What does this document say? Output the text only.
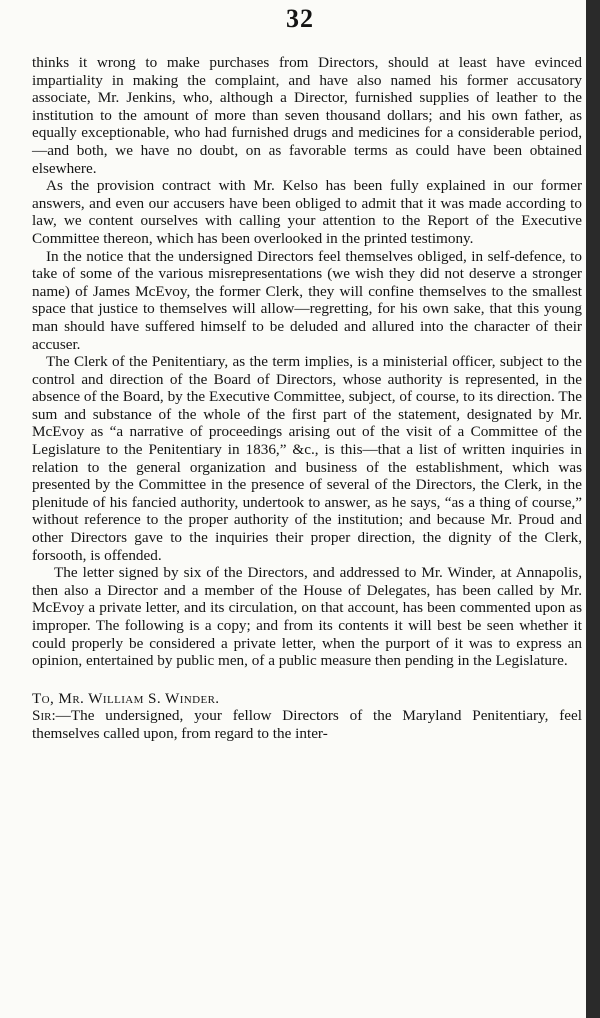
32

thinks it wrong to make purchases from Directors, should at least have evinced impartiality in making the complaint, and have also named his former accusatory associate, Mr. Jenkins, who, although a Director, furnished supplies of leather to the institution to the amount of more than seven thousand dollars; and his own father, as equally exceptionable, who had furnished drugs and medicines for a considerable period,—and both, we have no doubt, on as favorable terms as could have been obtained elsewhere.

As the provision contract with Mr. Kelso has been fully explained in our former answers, and even our accusers have been obliged to admit that it was made according to law, we content ourselves with calling your attention to the Report of the Executive Committee thereon, which has been overlooked in the printed testimony.

In the notice that the undersigned Directors feel themselves obliged, in self-defence, to take of some of the various misrepresentations (we wish they did not deserve a stronger name) of James McEvoy, the former Clerk, they will confine themselves to the smallest space that justice to themselves will allow—regretting, for his own sake, that this young man should have suffered himself to be deluded and allured into the character of their accuser.

The Clerk of the Penitentiary, as the term implies, is a ministerial officer, subject to the control and direction of the Board of Directors, whose authority is represented, in the absence of the Board, by the Executive Committee, subject, of course, to its direction. The sum and substance of the whole of the first part of the statement, designated by Mr. McEvoy as “a narrative of proceedings arising out of the visit of a Committee of the Legislature to the Penitentiary in 1836,” &c., is this—that a list of written inquiries in relation to the general organization and business of the establishment, which was presented by the Committee in the presence of several of the Directors, the Clerk, in the plenitude of his fancied authority, undertook to answer, as he says, “as a thing of course,” without reference to the proper authority of the institution; and because Mr. Proud and other Directors gave to the inquiries their proper direction, the dignity of the Clerk, forsooth, is offended.

The letter signed by six of the Directors, and addressed to Mr. Winder, at Annapolis, then also a Director and a member of the House of Delegates, has been called by Mr. McEvoy a private letter, and its circulation, on that account, has been commented upon as improper. The following is a copy; and from its contents it will best be seen whether it could properly be considered a private letter, when the purport of it was to express an opinion, entertained by public men, of a public measure then pending in the Legislature.

To, Mr. William S. Winder.

Sir:—The undersigned, your fellow Directors of the Maryland Penitentiary, feel themselves called upon, from regard to the inter-
